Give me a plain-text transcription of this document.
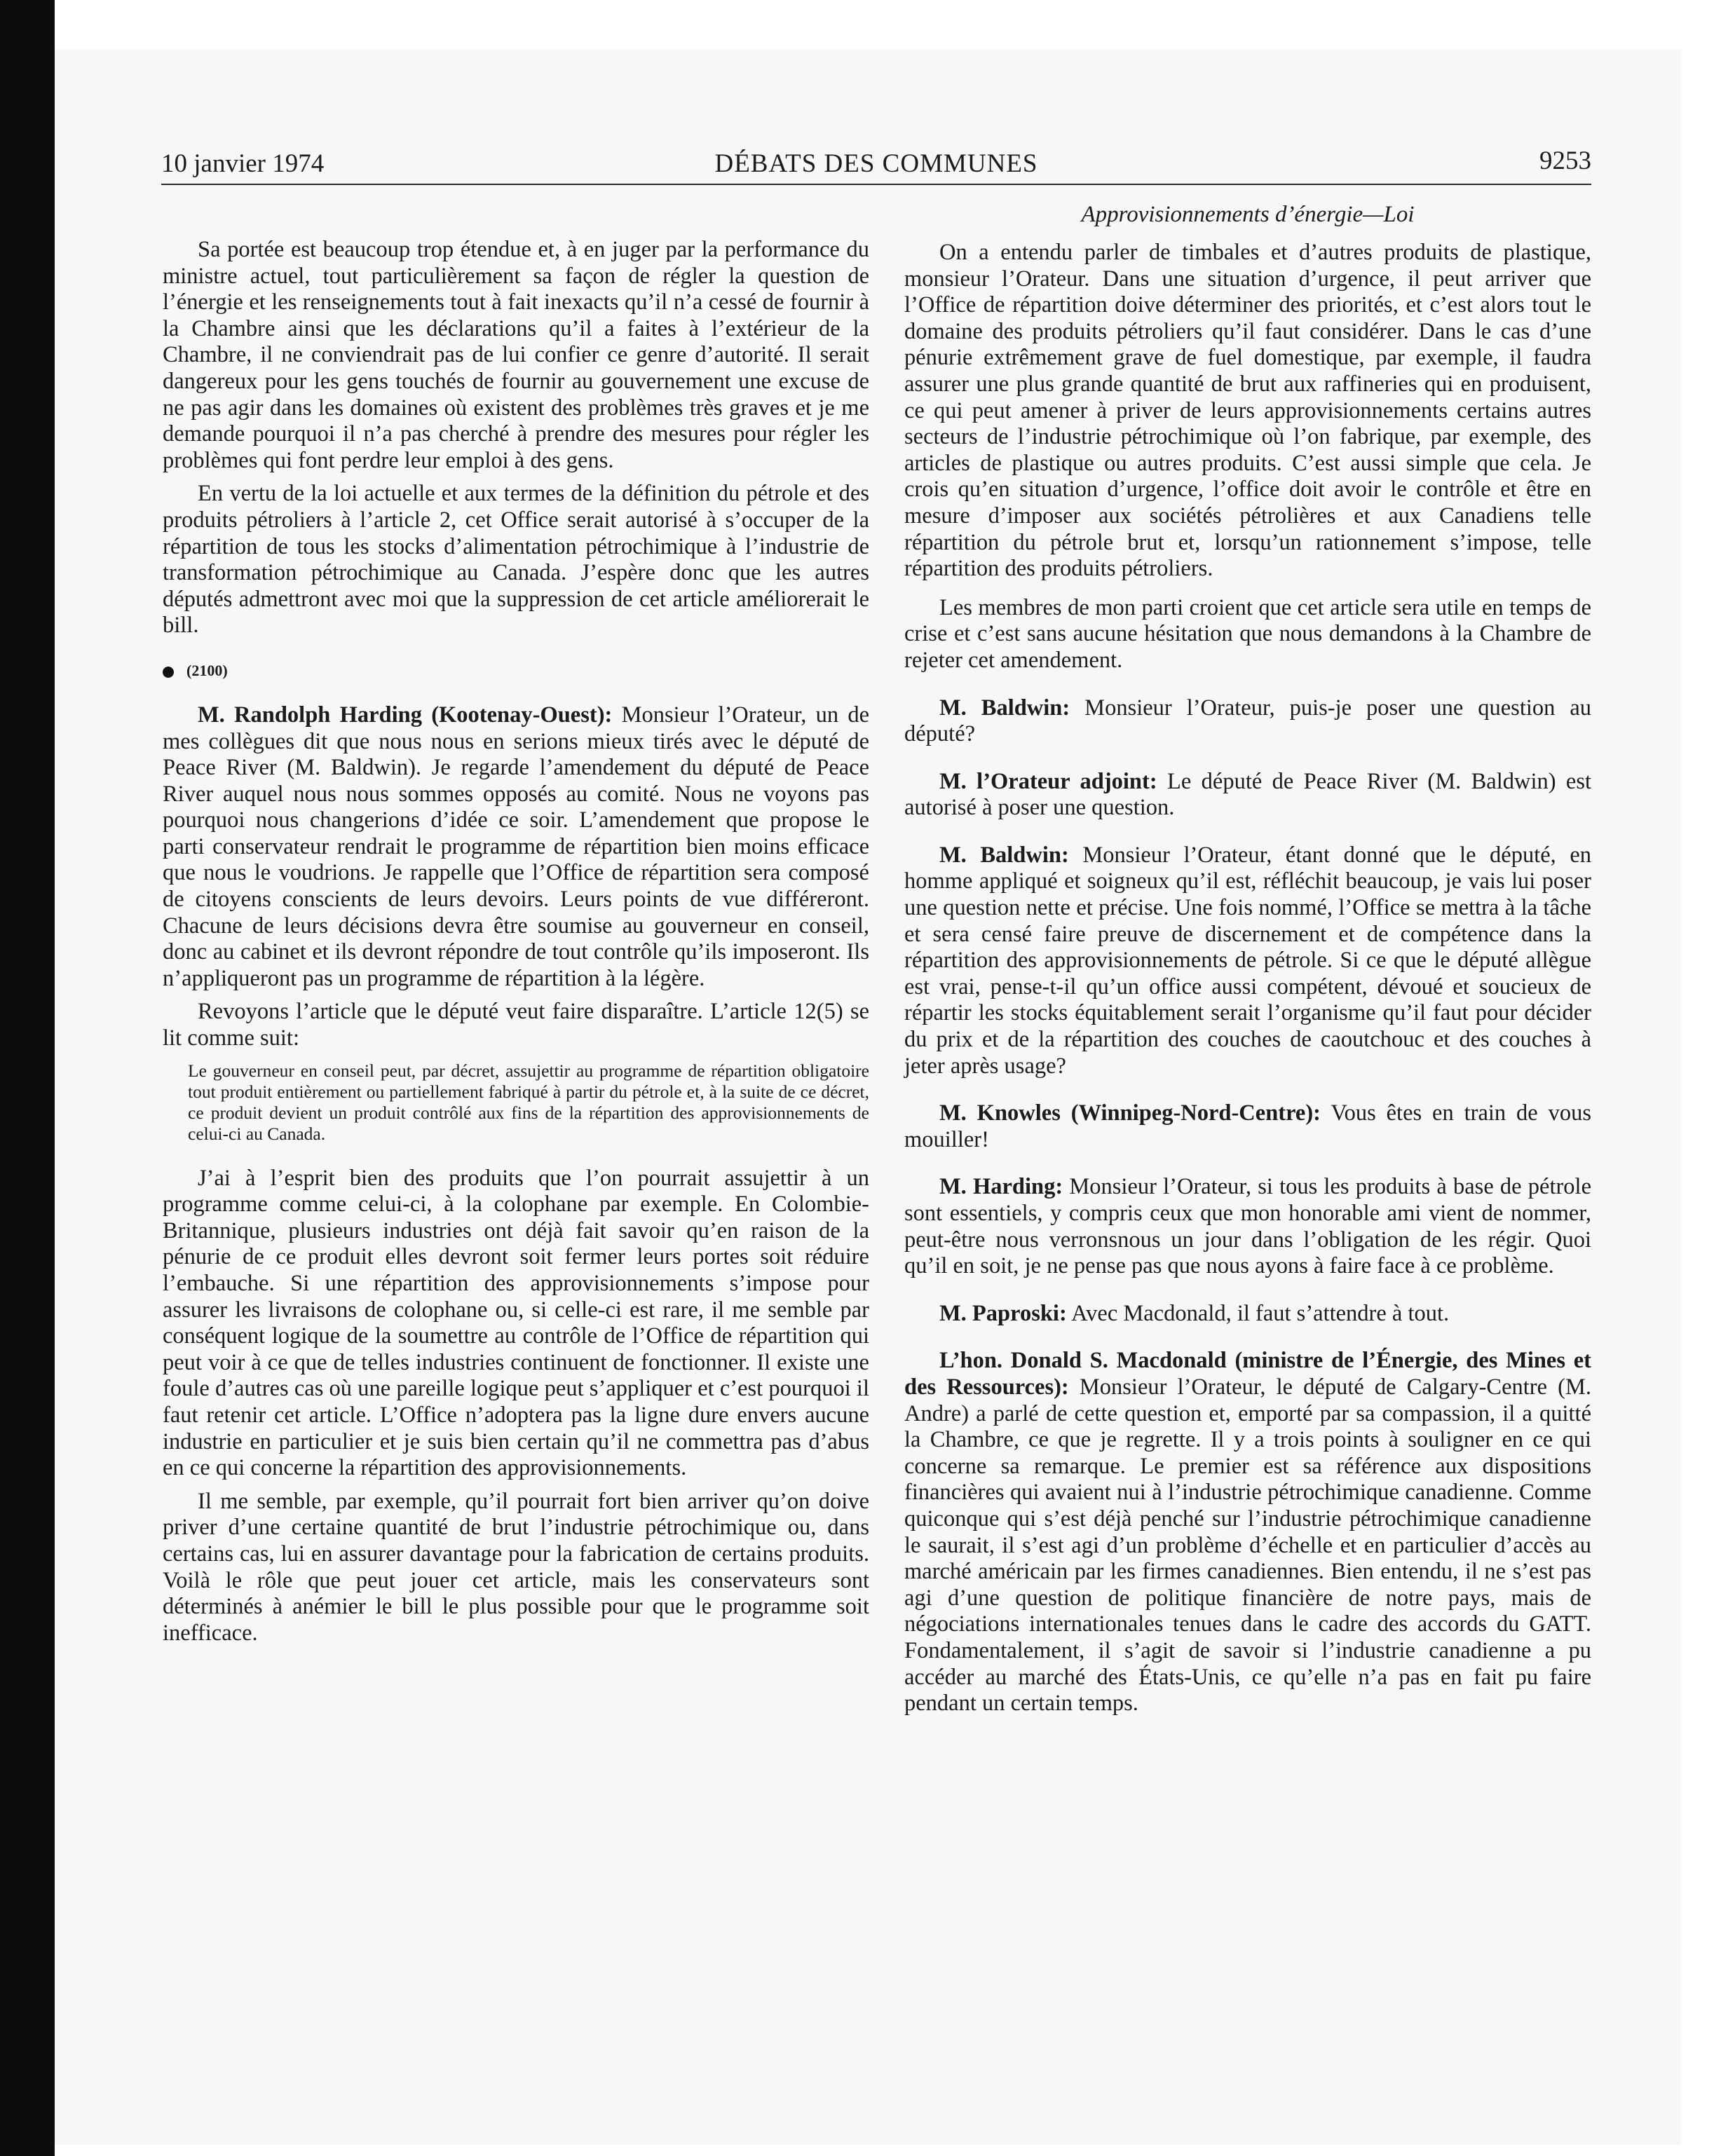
10 janvier 1974	DÉBATS DES COMMUNES	9253
Approvisionnements d’énergie—Loi

Sa portée est beaucoup trop étendue et, à en juger par la performance du ministre actuel, tout particulièrement sa façon de régler la question de l’énergie et les renseignements tout à fait inexacts qu’il n’a cessé de fournir à la Chambre ainsi que les déclarations qu’il a faites à l’extérieur de la Chambre, il ne conviendrait pas de lui confier ce genre d’autorité. Il serait dangereux pour les gens touchés de fournir au gouvernement une excuse de ne pas agir dans les domaines où existent des problèmes très graves et je me demande pourquoi il n’a pas cherché à prendre des mesures pour régler les problèmes qui font perdre leur emploi à des gens.

En vertu de la loi actuelle et aux termes de la définition du pétrole et des produits pétroliers à l’article 2, cet Office serait autorisé à s’occuper de la répartition de tous les stocks d’alimentation pétrochimique à l’industrie de transformation pétrochimique au Canada. J’espère donc que les autres députés admettront avec moi que la suppression de cet article améliorerait le bill.

(2100)

M. Randolph Harding (Kootenay-Ouest): Monsieur l’Orateur, un de mes collègues dit que nous nous en serions mieux tirés avec le député de Peace River (M. Baldwin). Je regarde l’amendement du député de Peace River auquel nous nous sommes opposés au comité. Nous ne voyons pas pourquoi nous changerions d’idée ce soir. L’amendement que propose le parti conservateur rendrait le programme de répartition bien moins efficace que nous le voudrions. Je rappelle que l’Office de répartition sera composé de citoyens conscients de leurs devoirs. Leurs points de vue différeront. Chacune de leurs décisions devra être soumise au gouverneur en conseil, donc au cabinet et ils devront répondre de tout contrôle qu’ils imposeront. Ils n’appliqueront pas un programme de répartition à la légère.

Revoyons l’article que le député veut faire disparaître. L’article 12(5) se lit comme suit:

Le gouverneur en conseil peut, par décret, assujettir au programme de répartition obligatoire tout produit entièrement ou partiellement fabriqué à partir du pétrole et, à la suite de ce décret, ce produit devient un produit contrôlé aux fins de la répartition des approvisionnements de celui-ci au Canada.

J’ai à l’esprit bien des produits que l’on pourrait assujettir à un programme comme celui-ci, à la colophane par exemple. En Colombie-Britannique, plusieurs industries ont déjà fait savoir qu’en raison de la pénurie de ce produit elles devront soit fermer leurs portes soit réduire l’embauche. Si une répartition des approvisionnements s’impose pour assurer les livraisons de colophane ou, si celle-ci est rare, il me semble par conséquent logique de la soumettre au contrôle de l’Office de répartition qui peut voir à ce que de telles industries continuent de fonctionner. Il existe une foule d’autres cas où une pareille logique peut s’appliquer et c’est pourquoi il faut retenir cet article. L’Office n’adoptera pas la ligne dure envers aucune industrie en particulier et je suis bien certain qu’il ne commettra pas d’abus en ce qui concerne la répartition des approvisionnements.

Il me semble, par exemple, qu’il pourrait fort bien arriver qu’on doive priver d’une certaine quantité de brut l’industrie pétrochimique ou, dans certains cas, lui en assurer davantage pour la fabrication de certains produits. Voilà le rôle que peut jouer cet article, mais les conservateurs sont déterminés à anémier le bill le plus possible pour que le programme soit inefficace.

On a entendu parler de timbales et d’autres produits de plastique, monsieur l’Orateur. Dans une situation d’urgence, il peut arriver que l’Office de répartition doive déterminer des priorités, et c’est alors tout le domaine des produits pétroliers qu’il faut considérer. Dans le cas d’une pénurie extrêmement grave de fuel domestique, par exemple, il faudra assurer une plus grande quantité de brut aux raffineries qui en produisent, ce qui peut amener à priver de leurs approvisionnements certains autres secteurs de l’industrie pétrochimique où l’on fabrique, par exemple, des articles de plastique ou autres produits. C’est aussi simple que cela. Je crois qu’en situation d’urgence, l’office doit avoir le contrôle et être en mesure d’imposer aux sociétés pétrolières et aux Canadiens telle répartition du pétrole brut et, lorsqu’un rationnement s’impose, telle répartition des produits pétroliers.

Les membres de mon parti croient que cet article sera utile en temps de crise et c’est sans aucune hésitation que nous demandons à la Chambre de rejeter cet amendement.

M. Baldwin: Monsieur l’Orateur, puis-je poser une question au député?

M. l’Orateur adjoint: Le député de Peace River (M. Baldwin) est autorisé à poser une question.

M. Baldwin: Monsieur l’Orateur, étant donné que le député, en homme appliqué et soigneux qu’il est, réfléchit beaucoup, je vais lui poser une question nette et précise. Une fois nommé, l’Office se mettra à la tâche et sera censé faire preuve de discernement et de compétence dans la répartition des approvisionnements de pétrole. Si ce que le député allègue est vrai, pense-t-il qu’un office aussi compétent, dévoué et soucieux de répartir les stocks équitablement serait l’organisme qu’il faut pour décider du prix et de la répartition des couches de caoutchouc et des couches à jeter après usage?

M. Knowles (Winnipeg-Nord-Centre): Vous êtes en train de vous mouiller!

M. Harding: Monsieur l’Orateur, si tous les produits à base de pétrole sont essentiels, y compris ceux que mon honorable ami vient de nommer, peut-être nous verronsnous un jour dans l’obligation de les régir. Quoi qu’il en soit, je ne pense pas que nous ayons à faire face à ce problème.

M. Paproski: Avec Macdonald, il faut s’attendre à tout.

L’hon. Donald S. Macdonald (ministre de l’Énergie, des Mines et des Ressources): Monsieur l’Orateur, le député de Calgary-Centre (M. Andre) a parlé de cette question et, emporté par sa compassion, il a quitté la Chambre, ce que je regrette. Il y a trois points à souligner en ce qui concerne sa remarque. Le premier est sa référence aux dispositions financières qui avaient nui à l’industrie pétrochimique canadienne. Comme quiconque qui s’est déjà penché sur l’industrie pétrochimique canadienne le saurait, il s’est agi d’un problème d’échelle et en particulier d’accès au marché américain par les firmes canadiennes. Bien entendu, il ne s’est pas agi d’une question de politique financière de notre pays, mais de négociations internationales tenues dans le cadre des accords du GATT. Fondamentalement, il s’agit de savoir si l’industrie canadienne a pu accéder au marché des États-Unis, ce qu’elle n’a pas en fait pu faire pendant un certain temps.
